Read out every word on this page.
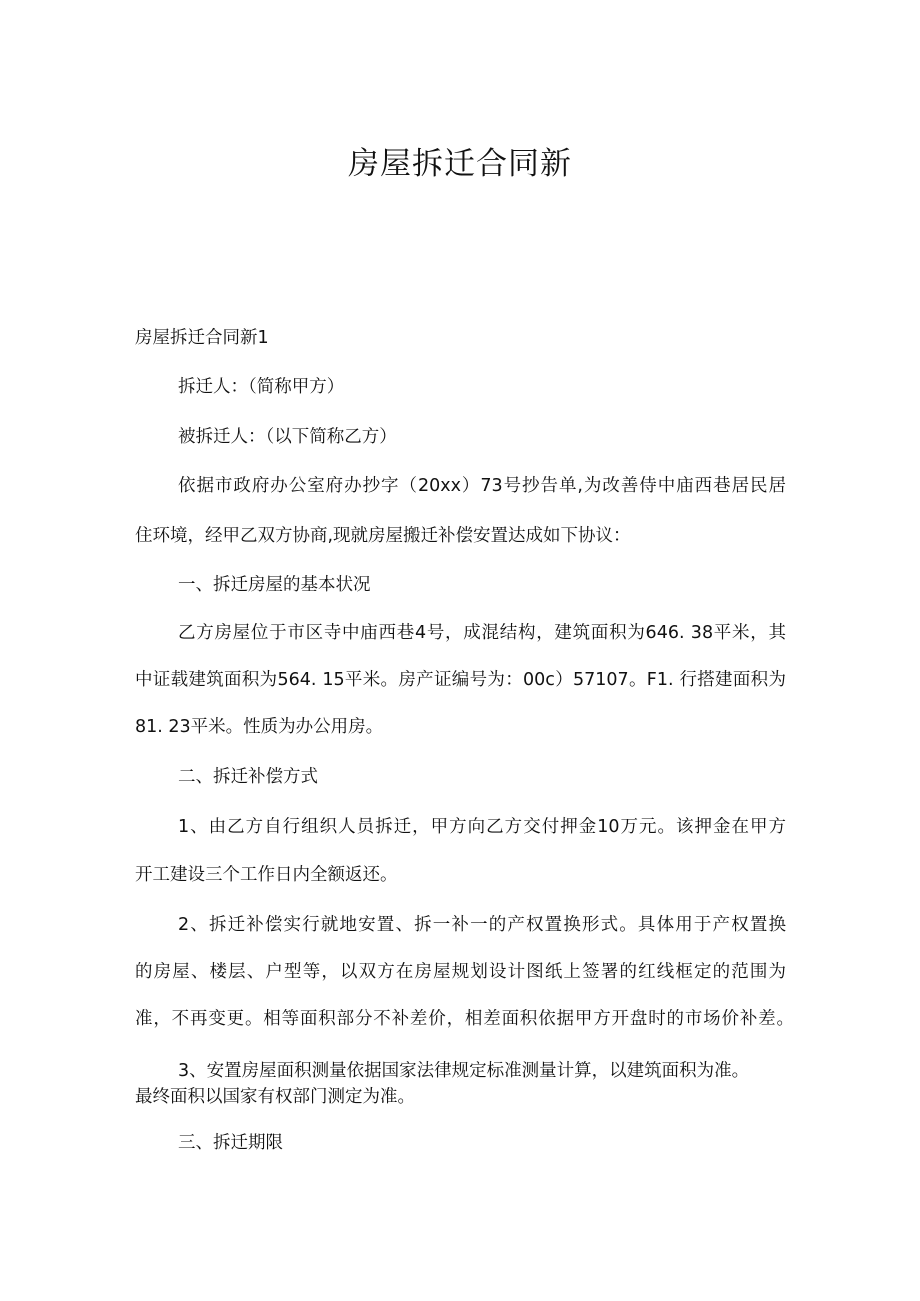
房屋拆迁合同新

房屋拆迁合同新1

拆迁人：（简称甲方）

被拆迁人：（以下简称乙方）

依据市政府办公室府办抄字（20xx）73号抄告单,为改善侍中庙西巷居民居

住环境，经甲乙双方协商,现就房屋搬迁补偿安置达成如下协议：

一、拆迁房屋的基本状况

乙方房屋位于市区寺中庙西巷4号，成混结构，建筑面积为646. 38平米，其

中证载建筑面积为564. 15平米。房产证编号为：00c）57107。F1. 行搭建面积为

81. 23平米。性质为办公用房。

二、拆迁补偿方式

1、由乙方自行组织人员拆迁，甲方向乙方交付押金10万元。该押金在甲方

开工建设三个工作日内全额返还。

2、拆迁补偿实行就地安置、拆一补一的产权置换形式。具体用于产权置换

的房屋、楼层、户型等，以双方在房屋规划设计图纸上签署的红线框定的范围为

准，不再变更。相等面积部分不补差价，相差面积依据甲方开盘时的市场价补差。

3、安置房屋面积测量依据国家法律规定标准测量计算，以建筑面积为准。

最终面积以国家有权部门测定为准。

三、拆迁期限
